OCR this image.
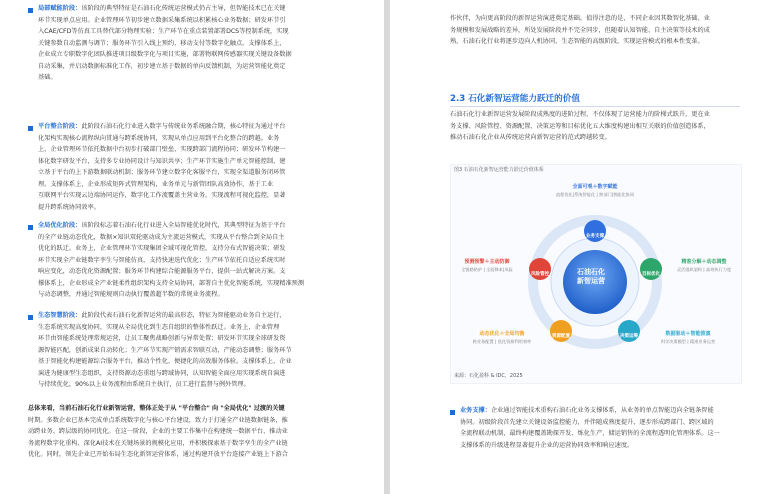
局部赋能阶段：该阶段的典型特征是石油石化传统运营模式仍占主导，但智能技术已在关键
环节实现单点应用。企业管理环节初步建立数据采集系统以积累核心业务数据；研发环节引
入CAE/CFD等仿真工具替代部分物理实验；生产环节在重点装置部署DCS等控制系统，实现
关键参数自动监测与调节；服务环节引入线上预约、移动支付等数字化触点。支撑体系上，
企业成立专职数字化团队推进项目级数字化与项目实施，部署物联网传感器实现关键设备数据
自动采集，并启动数据标准化工作，初步建立基于数据的单向反馈机制，为运营智能化奠定
基础。
平台整合阶段：此阶段石油石化行业进入数字与传统业务系统融合期，核心特征为通过平台
化架构实现核心流程纵向贯通与跨系统协同，实现从单点应用到平台化整合的跨越。业务
上，企业管理环节依托数据中台初步打破部门壁垒，实现跨部门流程协同；研发环节构建一
体化数字研发平台，支持多专业协同设计与知识共享；生产环节实施生产单元智能控制，建
立基于平台的上下游数据联动机制；服务环节建立数字化客服平台，实现全渠道服务闭环管
理。支撑体系上，企业形成矩阵式管理架构，业务单元与新管团队高效协作，基于工业
互联网平台实现云边端协同运作，数字化工作流覆盖主营业务，实现流程可视化监控，显著
提升跨系统协同效率。
全局优化阶段：该阶段标志着石油石化行业进入全局智能优化时代，其典型特征为基于平台
的全产业链动态优化，数据×知识双轮驱动成为主流运营模式，实现从平台整合到全局自主
优化的跃迁。业务上，企业管理环节实现集团全域可视化管控，支持分布式智能决策；研发
环节实现全产业链数字孪生与智能仿真，支持快速迭代优化；生产环节依托自适应系统实时
响应变化，动态优化资源配置；服务环节构建综合能源服务平台，提供一站式解决方案。支
撑体系上，企业形成全产业链柔性组织架构支持全局协同，部署自主优化智能系统，实现精准预测
与动态调整，并通过智能规则自动执行覆盖超半数的常规业务流程。
生态智慧阶段：此阶段代表石油石化新智运营的最高形态，特征为智能驱动业务自主运行，
生态系统实现高度协同，实现从全局优化到生态自组织的整体性跃迁。业务上，企业管理
环节由智能系统处理常规运营，让员工聚焦战略创新与异常处置；研发环节实现全球研发资
源智能匹配，创新成果自动转化；生产环节实现产销需求智联互动，产能动态调整；服务环节
基于智能化构建能源综合服务平台，推动个性化、便捷化的高效服务体验。支撑体系上，企业
演进为健康型生态组织，支持资源动态重组与跨域协同，认知智能全面应用实现系统自演进
与持续优化，90%以上业务流程由系统自主执行，员工进行监督与例外管理。
总体来看，当前石油石化行业新智运营，整体正处于从 "平台整合" 向 "全局优化" 过渡的关键
时期。多数企业已基本完成单点系统数字化与核心平台建设，致力于打通全产业链数据链条，推
动跨业务、跨层级的协同优化。在这一阶段，企业的主要工作集中在构建统一数据平台、推动业
务流程数字化重构、深化AI技术在关键场景的规模化应用，并积极探索基于数字孪生的全产业链
优化。同时，领先企业已开始布局生态化新智运营体系，通过构建开放平台连接产业链上下游合
作伙伴，为向更高阶段的新智运营演进奠定基础。值得注意的是，不同企业因其数智化基础、业
务规模和发展战略的差异，所处发展阶段并不完全同步，但随着认知智能、自主决策等技术的成
熟，石油石化行业将逐步迈向人机协同、生态智能的高级阶段，实现运营模式的根本性变革。
2.3 石化新智运营能力跃迁的价值
石油石化行业新智运营发展阶段成熟度的进阶过程，不仅体现了运营能力的阶梯式跃升，更在业
务支撑、风险管控、资源配置、决策运筹和目标优化五大维度构建出相互关联的价值创造体系，
推动石油石化企业从传统运营向新智运营的范式跨越转变。
图3 石油石化新智运营能力跃迁价值体系
石油石化新智运营
业务支撑
风险管控	目标优化
资源配置	决策运筹
全面可观＋数字赋能
流程优化|系统智能化 | 跨部门|智能化协同
预测预警＋主动防御
全链路防护 | 全面降本|风险
精准分解＋动态调整
灵活组织架构 | 高效执行力度
动态优化＋全局均衡
跨业务配置 | 优化资源利用效率
数据驱动＋智能推演
科学决策模型 | 精准业务运营
来源：石化盈科 & IDC，2025
业务支撑：企业通过智能技术重构石油石化业务支撑体系，从业务的单点智能迈向全链条智能
协同。初级阶段首先建立关键设备监控能力，并伴随成熟度提升，逐步形成跨部门、跨区域的
全流程联动机制，最终构建覆盖勘探开发、炼化生产、储运销售的全流程透明化管理体系。这一
支撑体系的升级进程显著提升企业的运营协同效率和响应速度。
